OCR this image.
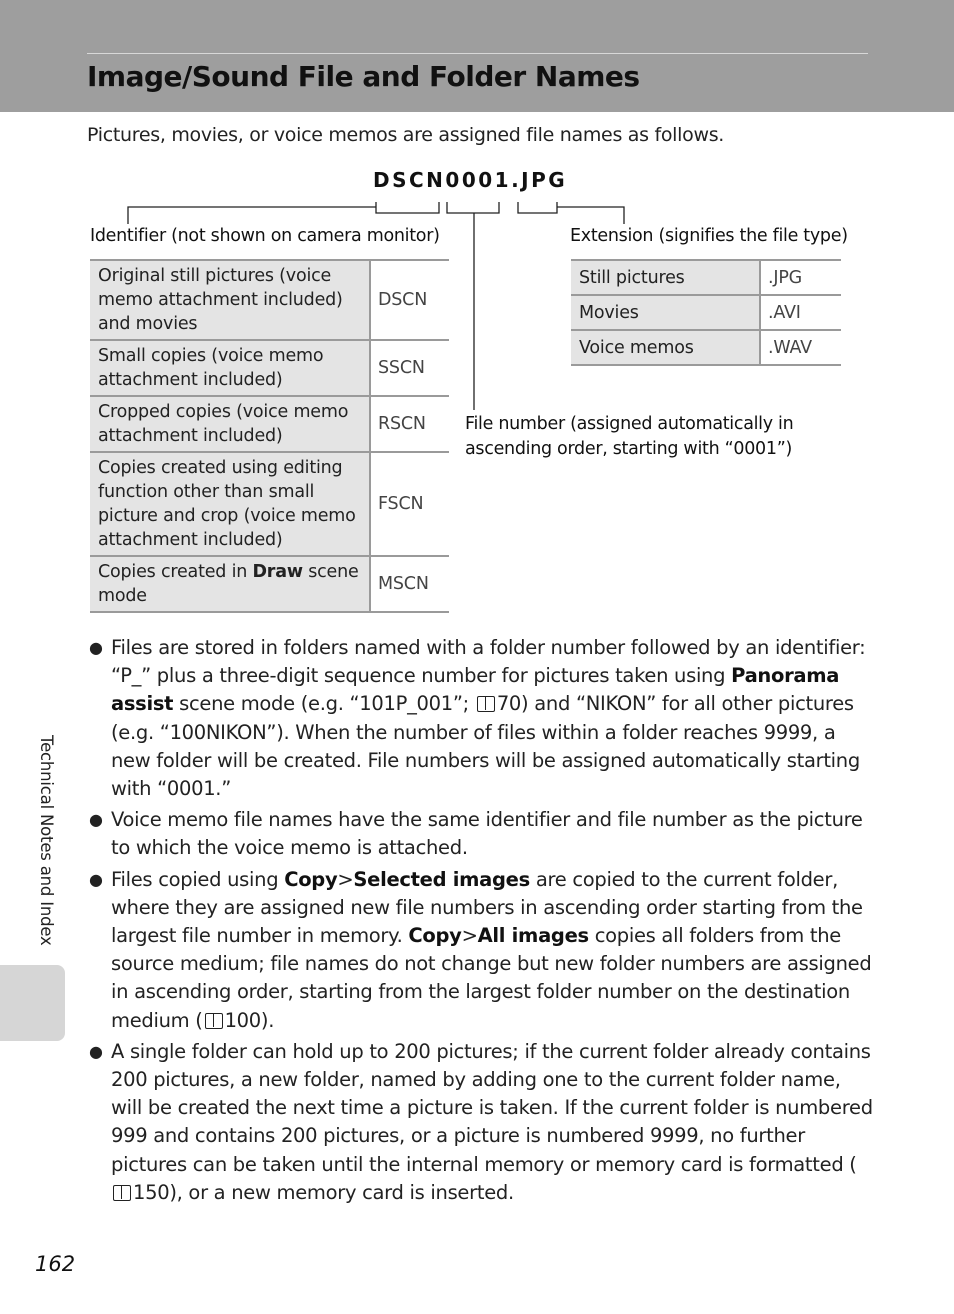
Image/Sound File and Folder Names
Pictures, movies, or voice memos are assigned file names as follows.
DSCN0001.JPG
Identifier (not shown on camera monitor)	Extension (signifies the file type)
File number (assigned automatically in
ascending order, starting with “0001”)
Original still pictures (voice
memo attachment included)
and movies	DSCN

Small copies (voice memo
attachment included)	SSCN

Cropped copies (voice memo
attachment included)	RSCN

Copies created using editing
function other than small
picture and crop (voice memo
attachment included)	FSCN

Copies created in Draw scene
mode	MSCN
Still pictures	.JPG
Movies	.AVI
Voice memos	.WAV
● Files are stored in folders named with a folder number followed by an identifier: “P_” plus a three-digit sequence number for pictures taken using Panorama assist scene mode (e.g. “101P_001”; 70) and “NIKON” for all other pictures (e.g. “100NIKON”). When the number of files within a folder reaches 9999, a new folder will be created. File numbers will be assigned automatically starting with “0001.”
● Voice memo file names have the same identifier and file number as the picture to which the voice memo is attached.
● Files copied using Copy>Selected images are copied to the current folder, where they are assigned new file numbers in ascending order starting from the largest file number in memory. Copy>All images copies all folders from the source medium; file names do not change but new folder numbers are assigned in ascending order, starting from the largest folder number on the destination medium ( 100).
● A single folder can hold up to 200 pictures; if the current folder already contains 200 pictures, a new folder, named by adding one to the current folder name, will be created the next time a picture is taken. If the current folder is numbered 999 and contains 200 pictures, or a picture is numbered 9999, no further pictures can be taken until the internal memory or memory card is formatted (150), or a new memory card is inserted.
Technical Notes and Index
162
